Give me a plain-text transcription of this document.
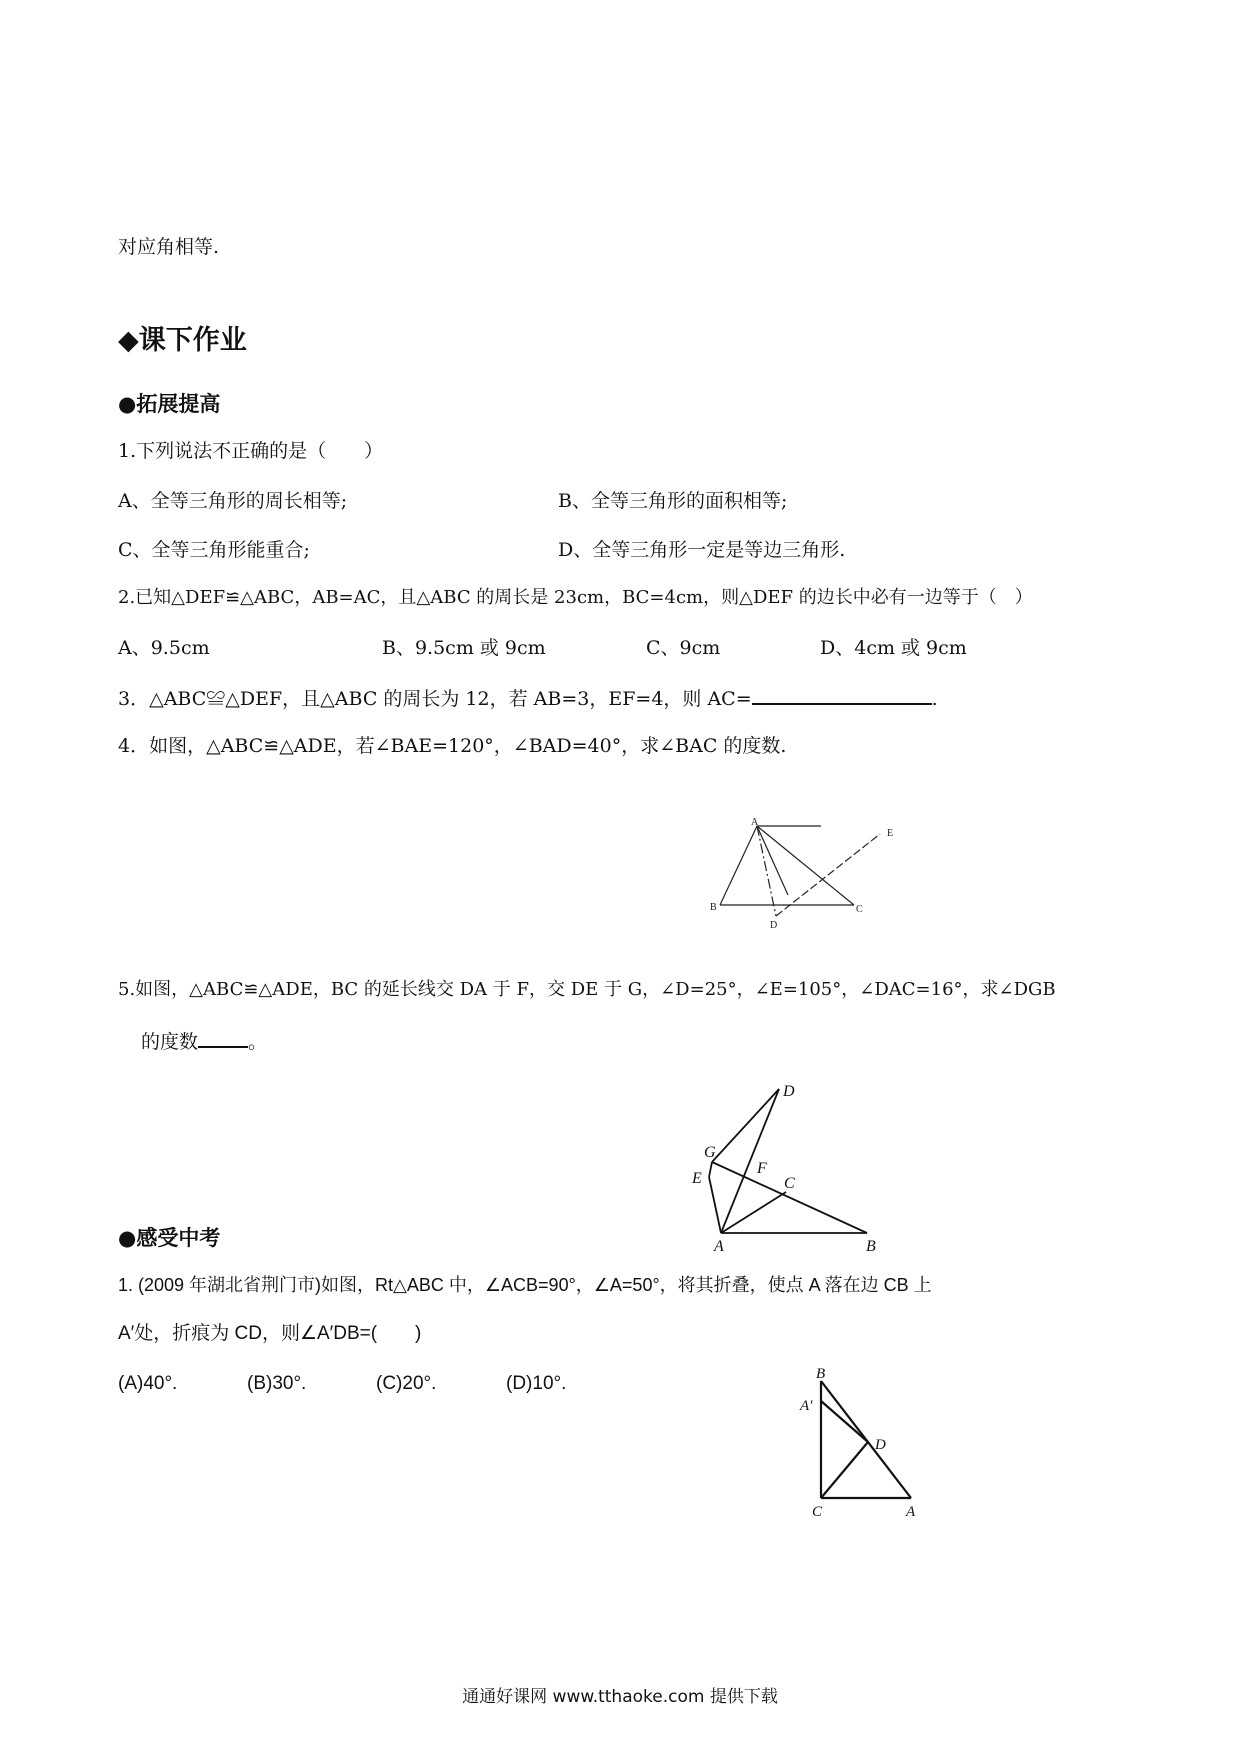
对应角相等.
◆课下作业
●拓展提高
1.下列说法不正确的是（　　）
A、全等三角形的周长相等;	B、全等三角形的面积相等;
C、全等三角形能重合;	D、全等三角形一定是等边三角形.
2.已知△DEF≌△ABC，AB=AC，且△ABC 的周长是 23cm，BC=4cm，则△DEF 的边长中必有一边等于（　）
A、9.5cm	B、9.5cm 或 9cm	C、9cm	D、4cm 或 9cm
3．△ABC≌△DEF，且△ABC 的周长为 12，若 AB=3，EF=4，则 AC=	.
4．如图，△ABC≌△ADE，若∠BAE=120°，∠BAD=40°，求∠BAC 的度数.
A
E
B	C
D
5.如图，△ABC≌△ADE，BC 的延长线交 DA 于 F，交 DE 于 G，∠D=25°，∠E=105°，∠DAC=16°，求∠DGB
的度数	。
D
G
F
E	C
A	B
●感受中考
1. (2009 年湖北省荆门市)如图，Rt△ABC 中，∠ACB=90°，∠A=50°，将其折叠，使点 A 落在边 CB 上
A′处，折痕为 CD，则∠A′DB=(　　)
(A)40°.	(B)30°.	(C)20°.	(D)10°.	B
A′
D
C	A
通通好课网 www.tthaoke.com 提供下载
